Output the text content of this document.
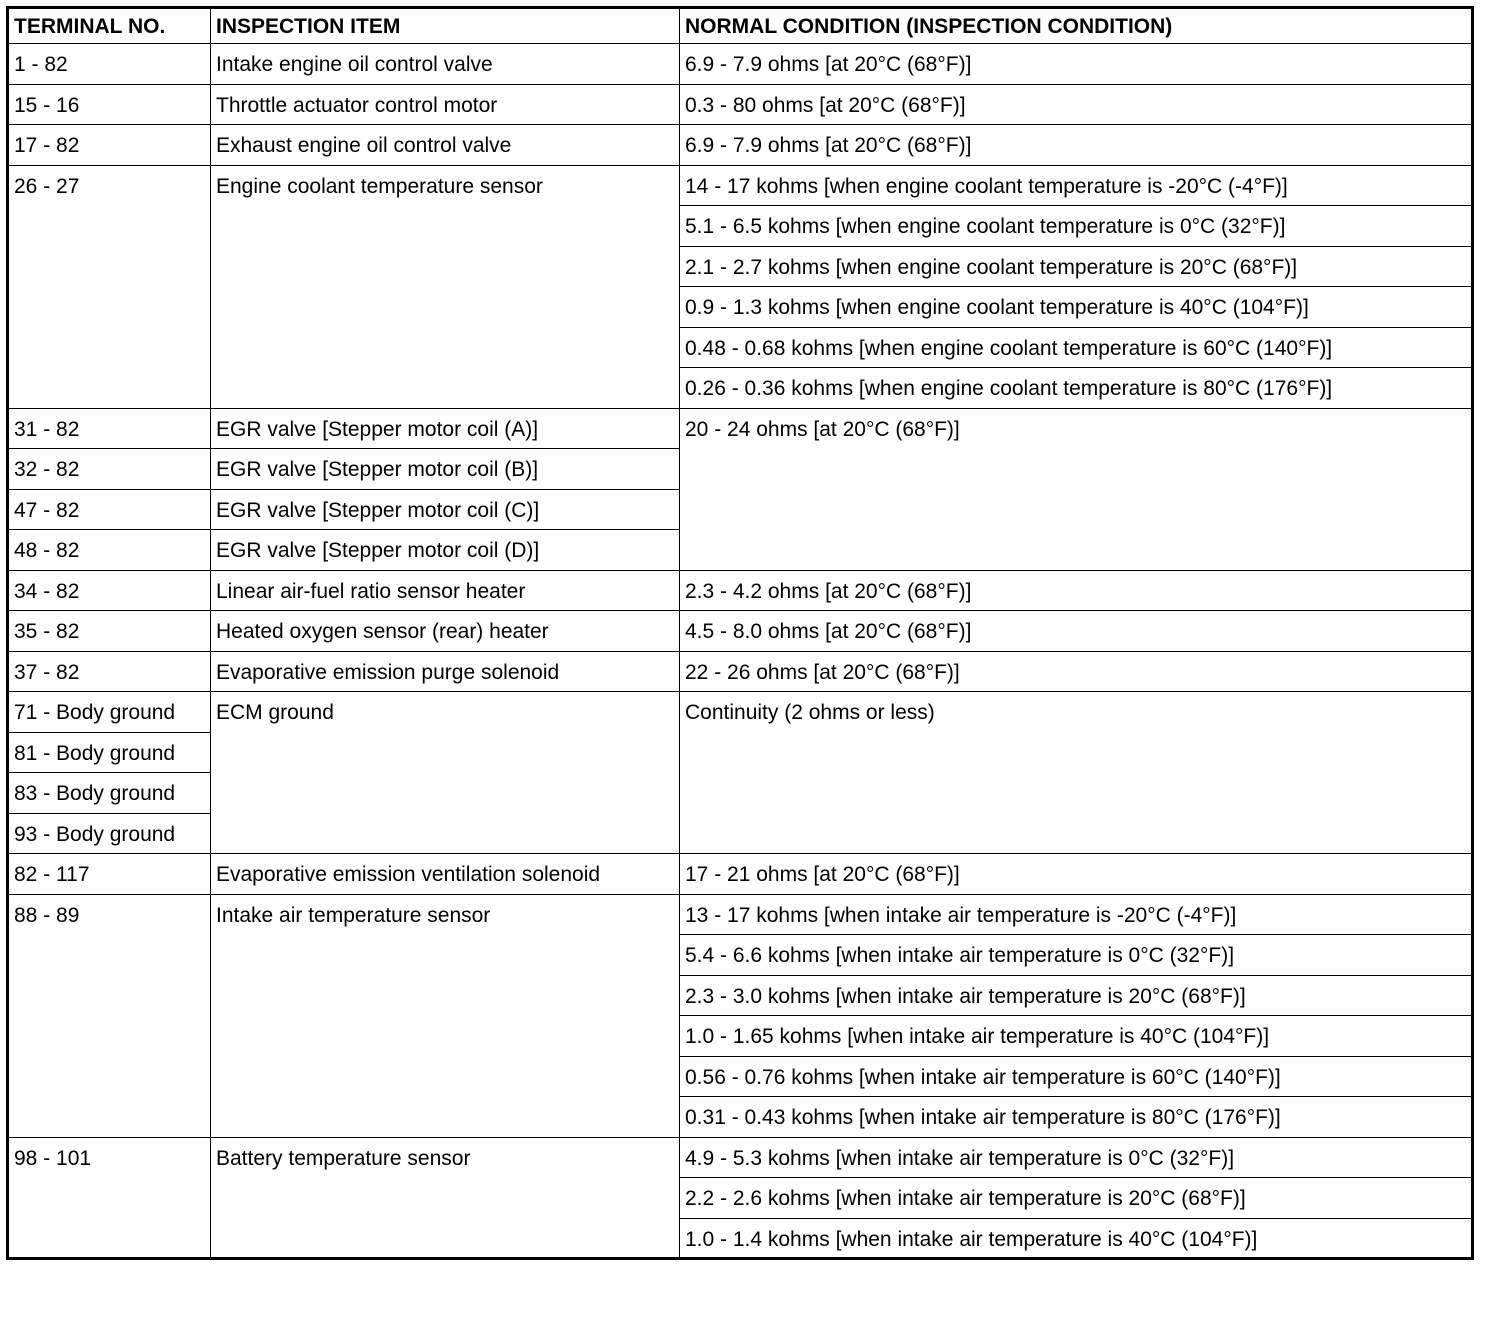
TERMINAL NO.	INSPECTION ITEM	NORMAL CONDITION (INSPECTION CONDITION)

1 - 82	Intake engine oil control valve	6.9 - 7.9 ohms [at 20°C (68°F)]

15 - 16	Throttle actuator control motor	0.3 - 80 ohms [at 20°C (68°F)]

17 - 82	Exhaust engine oil control valve	6.9 - 7.9 ohms [at 20°C (68°F)]

26 - 27	Engine coolant temperature sensor	14 - 17 kohms [when engine coolant temperature is -20°C (-4°F)]

		5.1 - 6.5 kohms [when engine coolant temperature is 0°C (32°F)]

		2.1 - 2.7 kohms [when engine coolant temperature is 20°C (68°F)]

		0.9 - 1.3 kohms [when engine coolant temperature is 40°C (104°F)]

		0.48 - 0.68 kohms [when engine coolant temperature is 60°C (140°F)]

		0.26 - 0.36 kohms [when engine coolant temperature is 80°C (176°F)]

31 - 82	EGR valve [Stepper motor coil (A)]	20 - 24 ohms [at 20°C (68°F)]

32 - 82	EGR valve [Stepper motor coil (B)]	

47 - 82	EGR valve [Stepper motor coil (C)]	

48 - 82	EGR valve [Stepper motor coil (D)]	

34 - 82	Linear air-fuel ratio sensor heater	2.3 - 4.2 ohms [at 20°C (68°F)]

35 - 82	Heated oxygen sensor (rear) heater	4.5 - 8.0 ohms [at 20°C (68°F)]

37 - 82	Evaporative emission purge solenoid	22 - 26 ohms [at 20°C (68°F)]

71 - Body ground	ECM ground	Continuity (2 ohms or less)

81 - Body ground		

83 - Body ground		

93 - Body ground		

82 - 117	Evaporative emission ventilation solenoid	17 - 21 ohms [at 20°C (68°F)]

88 - 89	Intake air temperature sensor	13 - 17 kohms [when intake air temperature is -20°C (-4°F)]

		5.4 - 6.6 kohms [when intake air temperature is 0°C (32°F)]

		2.3 - 3.0 kohms [when intake air temperature is 20°C (68°F)]

		1.0 - 1.65 kohms [when intake air temperature is 40°C (104°F)]

		0.56 - 0.76 kohms [when intake air temperature is 60°C (140°F)]

		0.31 - 0.43 kohms [when intake air temperature is 80°C (176°F)]

98 - 101	Battery temperature sensor	4.9 - 5.3 kohms [when intake air temperature is 0°C (32°F)]

		2.2 - 2.6 kohms [when intake air temperature is 20°C (68°F)]

		1.0 - 1.4 kohms [when intake air temperature is 40°C (104°F)]
